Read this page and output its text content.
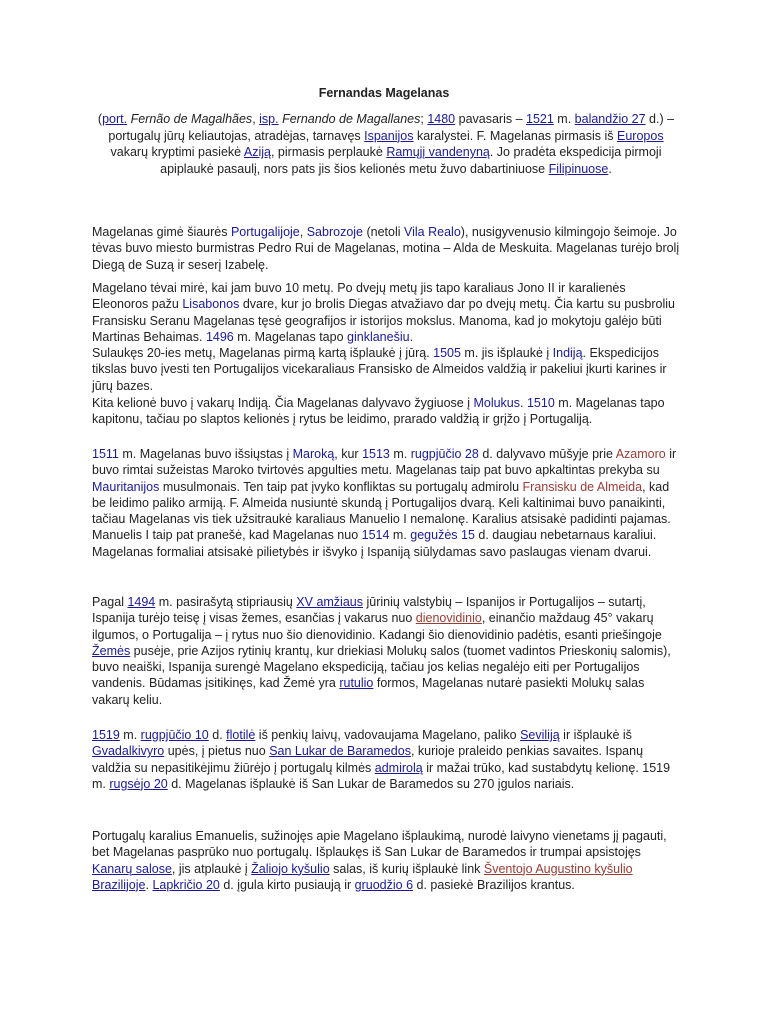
Fernandas Magelanas

(port. Fernão de Magalhães, isp. Fernando de Magallanes; 1480 pavasaris – 1521 m. balandžio 27 d.) – portugalų jūrų keliautojas, atradėjas, tarnavęs Ispanijos karalystei. F. Magelanas pirmasis iš Europos vakarų kryptimi pasiekė Aziją, pirmasis perplaukė Ramųjį vandenyną. Jo pradėta ekspedicija pirmoji apiplaukė pasaulį, nors pats jis šios kelionės metu žuvo dabartiniuose Filipinuose.

Magelanas gimė šiaurės Portugalijoje, Sabrozoje (netoli Vila Realo), nusigyvenusio kilmingojo šeimoje. Jo tėvas buvo miesto burmistras Pedro Rui de Magelanas, motina – Alda de Meskuita. Magelanas turėjo brolį Diegą de Suzą ir seserį Izabelę.

Magelano tėvai mirė, kai jam buvo 10 metų. Po dvejų metų jis tapo karaliaus Jono II ir karalienės Eleonoros pažu Lisabonos dvare, kur jo brolis Diegas atvažiavo dar po dvejų metų. Čia kartu su pusbroliu Fransisku Seranu Magelanas tęsė geografijos ir istorijos mokslus. Manoma, kad jo mokytoju galėjo būti Martinas Behaimas. 1496 m. Magelanas tapo ginklanešiu.

Sulaukęs 20-ies metų, Magelanas pirmą kartą išplaukė į jūrą. 1505 m. jis išplaukė į Indiją. Ekspedicijos tikslas buvo įvesti ten Portugalijos vicekaraliaus Fransisko de Almeidos valdžią ir pakeliui įkurti karines ir jūrų bazes.

Kita kelionė buvo į vakarų Indiją. Čia Magelanas dalyvavo žygiuose į Molukus. 1510 m. Magelanas tapo kapitonu, tačiau po slaptos kelionės į rytus be leidimo, prarado valdžią ir grįžo į Portugaliją.

1511 m. Magelanas buvo išsiųstas į Maroką, kur 1513 m. rugpjūčio 28 d. dalyvavo mūšyje prie Azamoro ir buvo rimtai sužeistas Maroko tvirtovės apgulties metu. Magelanas taip pat buvo apkaltintas prekyba su Mauritanijos musulmonais. Ten taip pat įvyko konfliktas su portugalų admirolu Fransisku de Almeida, kad be leidimo paliko armiją. F. Almeida nusiuntė skundą į Portugalijos dvarą. Keli kaltinimai buvo panaikinti, tačiau Magelanas vis tiek užsitraukė karaliaus Manuelio I nemalonę. Karalius atsisakė padidinti pajamas. Manuelis I taip pat pranešė, kad Magelanas nuo 1514 m. gegužės 15 d. daugiau nebetarnaus karaliui. Magelanas formaliai atsisakė pilietybės ir išvyko į Ispaniją siūlydamas savo paslaugas vienam dvarui.

Pagal 1494 m. pasirašytą stipriausių XV amžiaus jūrinių valstybių – Ispanijos ir Portugalijos – sutartį, Ispanija turėjo teisę į visas žemes, esančias į vakarus nuo dienovidinio, einančio maždaug 45° vakarų ilgumos, o Portugalija – į rytus nuo šio dienovidinio. Kadangi šio dienovidinio padėtis, esanti priešingoje Žemės pusėje, prie Azijos rytinių krantų, kur driekiasi Molukų salos (tuomet vadintos Prieskonių salomis), buvo neaiški, Ispanija surengė Magelano ekspediciją, tačiau jos kelias negalėjo eiti per Portugalijos vandenis. Būdamas įsitikinęs, kad Žemė yra rutulio formos, Magelanas nutarė pasiekti Molukų salas vakarų keliu.

1519 m. rugpjūčio 10 d. flotilė iš penkių laivų, vadovaujama Magelano, paliko Seviliją ir išplaukė iš Gvadalkivyro upės, į pietus nuo San Lukar de Baramedos, kurioje praleido penkias savaites. Ispanų valdžia su nepasitikėjimu žiūrėjo į portugalų kilmės admirolą ir mažai trūko, kad sustabdytų kelionę. 1519 m. rugsėjo 20 d. Magelanas išplaukė iš San Lukar de Baramedos su 270 įgulos nariais.

Portugalų karalius Emanuelis, sužinojęs apie Magelano išplaukimą, nurodė laivyno vienetams jį pagauti, bet Magelanas pasprūko nuo portugalų. Išplaukęs iš San Lukar de Baramedos ir trumpai apsistojęs Kanarų salose, jis atplaukė į Žaliojo kyšulio salas, iš kurių išplaukė link Šventojo Augustino kyšulio Brazilijoje. Lapkričio 20 d. įgula kirto pusiaują ir gruodžio 6 d. pasiekė Brazilijos krantus.
